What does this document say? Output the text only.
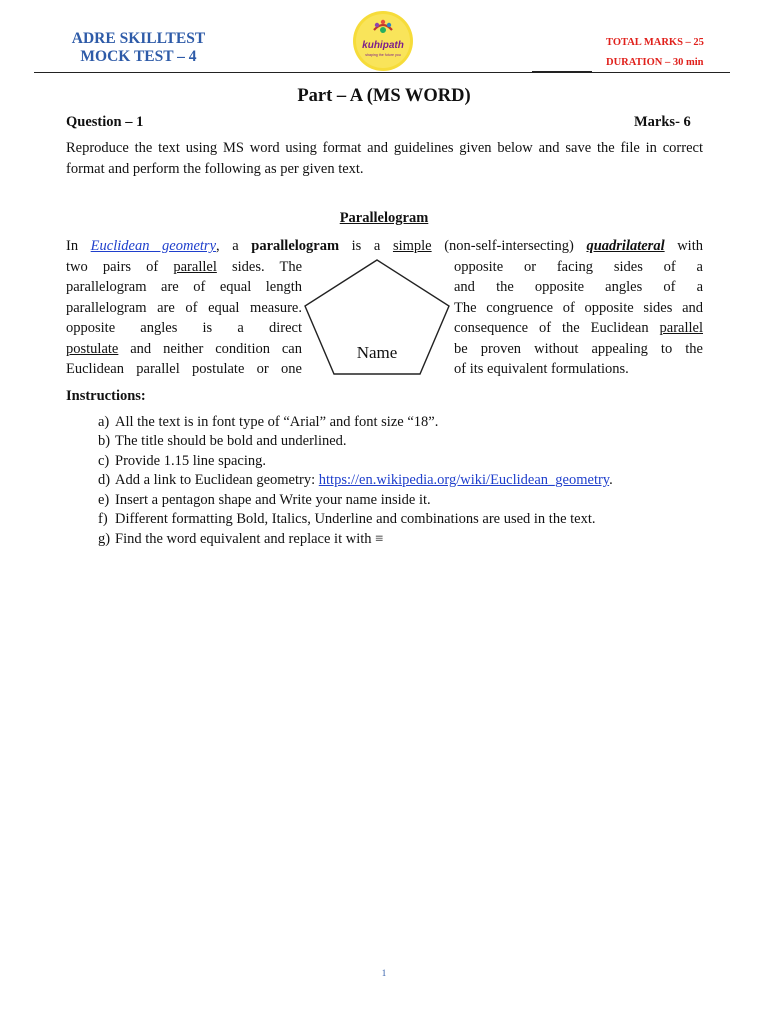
ADRE SKILLTEST
MOCK TEST – 4
kuhipath
shaping the future you
TOTAL MARKS – 25
DURATION – 30 min
Part – A (MS WORD)
Question – 1	Marks- 6
Reproduce the text using MS word using format and guidelines given below and save the file in correct format and perform the following as per given text.
Parallelogram
In Euclidean geometry, a parallelogram is a simple (non-self-intersecting) quadrilateral with
two pairs of parallel sides. The
parallelogram are of equal length
parallelogram are of equal measure.
opposite angles is a direct
postulate and neither condition can
Euclidean parallel postulate or one
Name
opposite or facing sides of a
and the opposite angles of a
The congruence of opposite sides and
consequence of the Euclidean parallel
be proven without appealing to the
of its equivalent formulations.
Instructions:
a) All the text is in font type of “Arial” and font size “18”.
b) The title should be bold and underlined.
c) Provide 1.15 line spacing.
d) Add a link to Euclidean geometry: https://en.wikipedia.org/wiki/Euclidean_geometry.
e) Insert a pentagon shape and Write your name inside it.
f) Different formatting Bold, Italics, Underline and combinations are used in the text.
g) Find the word equivalent and replace it with ≡
1
